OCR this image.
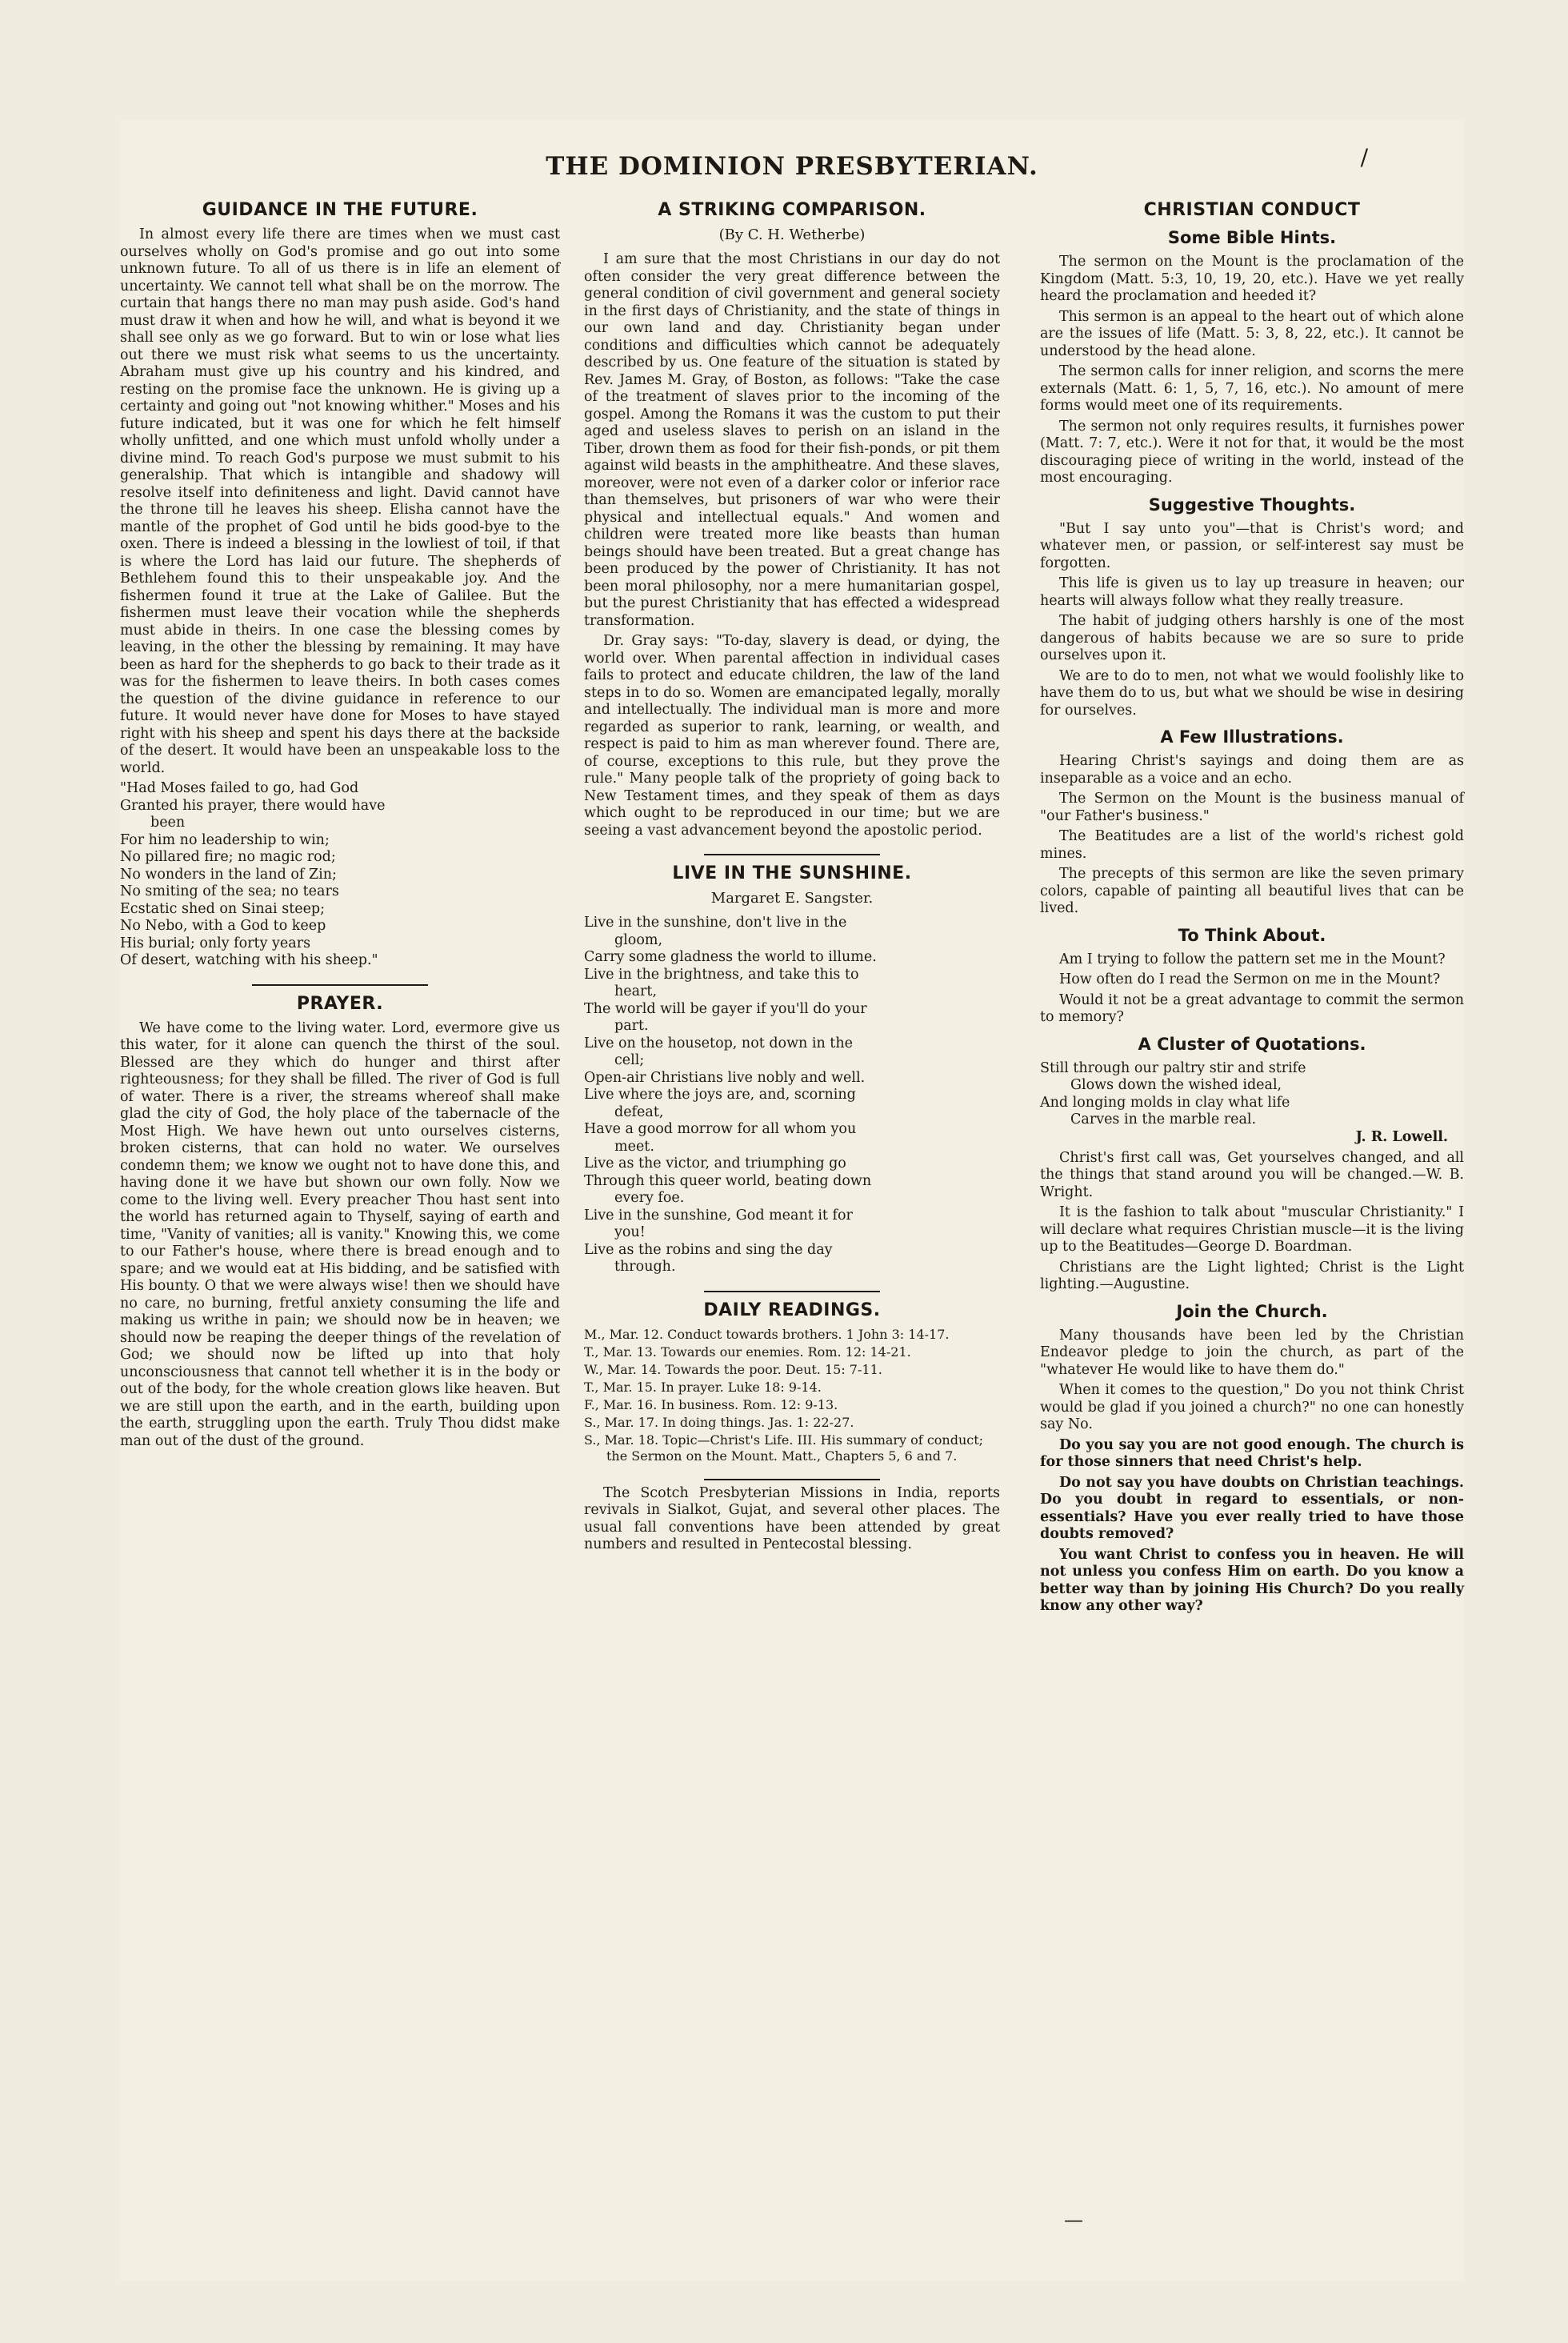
THE DOMINION PRESBYTERIAN.	/
GUIDANCE IN THE FUTURE.

In almost every life there are times when we must cast ourselves wholly on God's promise and go out into some unknown future. To all of us there is in life an element of uncertainty. We cannot tell what shall be on the morrow. The curtain that hangs there no man may push aside. God's hand must draw it when and how he will, and what is beyond it we shall see only as we go forward. But to win or lose what lies out there we must risk what seems to us the uncertainty. Abraham must give up his country and his kindred, and resting on the promise face the unknown. He is giving up a certainty and going out "not knowing whither." Moses and his future indicated, but it was one for which he felt himself wholly unfitted, and one which must unfold wholly under a divine mind. To reach God's purpose we must submit to his generalship. That which is intangible and shadowy will resolve itself into definiteness and light. David cannot have the throne till he leaves his sheep. Elisha cannot have the mantle of the prophet of God until he bids good-bye to the oxen. There is indeed a blessing in the lowliest of toil, if that is where the Lord has laid our future. The shepherds of Bethlehem found this to their unspeakable joy. And the fishermen found it true at the Lake of Galilee. But the fishermen must leave their vocation while the shepherds must abide in theirs. In one case the blessing comes by leaving, in the other the blessing by remaining. It may have been as hard for the shepherds to go back to their trade as it was for the fishermen to leave theirs. In both cases comes the question of the divine guidance in reference to our future. It would never have done for Moses to have stayed right with his sheep and spent his days there at the backside of the desert. It would have been an unspeakable loss to the world.

"Had Moses failed to go, had God
Granted his prayer, there would have
been
For him no leadership to win;
No pillared fire; no magic rod;
No wonders in the land of Zin;
No smiting of the sea; no tears
Ecstatic shed on Sinai steep;
No Nebo, with a God to keep
His burial; only forty years
Of desert, watching with his sheep."
PRAYER.

We have come to the living water. Lord, evermore give us this water, for it alone can quench the thirst of the soul. Blessed are they which do hunger and thirst after righteousness; for they shall be filled. The river of God is full of water. There is a river, the streams whereof shall make glad the city of God, the holy place of the tabernacle of the Most High. We have hewn out unto ourselves cisterns, broken cisterns, that can hold no water. We ourselves condemn them; we know we ought not to have done this, and having done it we have but shown our own folly. Now we come to the living well. Every preacher Thou hast sent into the world has returned again to Thyself, saying of earth and time, "Vanity of vanities; all is vanity." Knowing this, we come to our Father's house, where there is bread enough and to spare; and we would eat at His bidding, and be satisfied with His bounty. O that we were always wise! then we should have no care, no burning, fretful anxiety consuming the life and making us writhe in pain; we should now be in heaven; we should now be reaping the deeper things of the revelation of God; we should now be lifted up into that holy unconsciousness that cannot tell whether it is in the body or out of the body, for the whole creation glows like heaven. But we are still upon the earth, and in the earth, building upon the earth, struggling upon the earth. Truly Thou didst make man out of the dust of the ground.

A STRIKING COMPARISON.
(By C. H. Wetherbe)

I am sure that the most Christians in our day do not often consider the very great difference between the general condition of civil government and general society in the first days of Christianity, and the state of things in our own land and day. Christianity began under conditions and difficulties which cannot be adequately described by us. One feature of the situation is stated by Rev. James M. Gray, of Boston, as follows: "Take the case of the treatment of slaves prior to the incoming of the gospel. Among the Romans it was the custom to put their aged and useless slaves to perish on an island in the Tiber, drown them as food for their fish-ponds, or pit them against wild beasts in the amphitheatre. And these slaves, moreover, were not even of a darker color or inferior race than themselves, but prisoners of war who were their physical and intellectual equals." And women and children were treated more like beasts than human beings should have been treated. But a great change has been produced by the power of Christianity. It has not been moral philosophy, nor a mere humanitarian gospel, but the purest Christianity that has effected a widespread transformation.

Dr. Gray says: "To-day, slavery is dead, or dying, the world over. When parental affection in individual cases fails to protect and educate children, the law of the land steps in to do so. Women are emancipated legally, morally and intellectually. The individual man is more and more regarded as superior to rank, learning, or wealth, and respect is paid to him as man wherever found. There are, of course, exceptions to this rule, but they prove the rule." Many people talk of the propriety of going back to New Testament times, and they speak of them as days which ought to be reproduced in our time; but we are seeing a vast advancement beyond the apostolic period.

LIVE IN THE SUNSHINE.
Margaret E. Sangster.
Live in the sunshine, don't live in the
gloom,
Carry some gladness the world to illume.
Live in the brightness, and take this to
heart,
The world will be gayer if you'll do your
part.
Live on the housetop, not down in the
cell;
Open-air Christians live nobly and well.
Live where the joys are, and, scorning
defeat,
Have a good morrow for all whom you
meet.
Live as the victor, and triumphing go
Through this queer world, beating down
every foe.
Live in the sunshine, God meant it for
you!
Live as the robins and sing the day
through.
DAILY READINGS.
M., Mar. 12. Conduct towards brothers. 1 John 3: 14-17.
T., Mar. 13. Towards our enemies. Rom. 12: 14-21.
W., Mar. 14. Towards the poor. Deut. 15: 7-11.
T., Mar. 15. In prayer. Luke 18: 9-14.
F., Mar. 16. In business. Rom. 12: 9-13.
S., Mar. 17. In doing things. Jas. 1: 22-27.
S., Mar. 18. Topic—Christ's Life. III. His summary of conduct; the Sermon on the Mount. Matt., Chapters 5, 6 and 7.

The Scotch Presbyterian Missions in India, reports revivals in Sialkot, Gujat, and several other places. The usual fall conventions have been attended by great numbers and resulted in Pentecostal blessing.

CHRISTIAN CONDUCT
Some Bible Hints.

The sermon on the Mount is the proclamation of the Kingdom (Matt. 5:3, 10, 19, 20, etc.). Have we yet really heard the proclamation and heeded it?

This sermon is an appeal to the heart out of which alone are the issues of life (Matt. 5: 3, 8, 22, etc.). It cannot be understood by the head alone.

The sermon calls for inner religion, and scorns the mere externals (Matt. 6: 1, 5, 7, 16, etc.). No amount of mere forms would meet one of its requirements.

The sermon not only requires results, it furnishes power (Matt. 7: 7, etc.). Were it not for that, it would be the most discouraging piece of writing in the world, instead of the most encouraging.

Suggestive Thoughts.

"But I say unto you"—that is Christ's word; and whatever men, or passion, or self-interest say must be forgotten.

This life is given us to lay up treasure in heaven; our hearts will always follow what they really treasure.

The habit of judging others harshly is one of the most dangerous of habits because we are so sure to pride ourselves upon it.

We are to do to men, not what we would foolishly like to have them do to us, but what we should be wise in desiring for ourselves.

A Few Illustrations.

Hearing Christ's sayings and doing them are as inseparable as a voice and an echo.

The Sermon on the Mount is the business manual of "our Father's business."

The Beatitudes are a list of the world's richest gold mines.

The precepts of this sermon are like the seven primary colors, capable of painting all beautiful lives that can be lived.

To Think About.

Am I trying to follow the pattern set me in the Mount?

How often do I read the Sermon on me in the Mount?

Would it not be a great advantage to commit the sermon to memory?

A Cluster of Quotations.
Still through our paltry stir and strife
Glows down the wished ideal,
And longing molds in clay what life
Carves in the marble real.
J. R. Lowell.

Christ's first call was, Get yourselves changed, and all the things that stand around you will be changed.—W. B. Wright.

It is the fashion to talk about "muscular Christianity." I will declare what requires Christian muscle—it is the living up to the Beatitudes—George D. Boardman.

Christians are the Light lighted; Christ is the Light lighting.—Augustine.

Join the Church.

Many thousands have been led by the Christian Endeavor pledge to join the church, as part of the "whatever He would like to have them do."

When it comes to the question," Do you not think Christ would be glad if you joined a church?" no one can honestly say No.

Do you say you are not good enough. The church is for those sinners that need Christ's help.

Do not say you have doubts on Christian teachings. Do you doubt in regard to essentials, or non-essentials? Have you ever really tried to have those doubts removed?

You want Christ to confess you in heaven. He will not unless you confess Him on earth. Do you know a better way than by joining His Church? Do you really know any other way?

—
